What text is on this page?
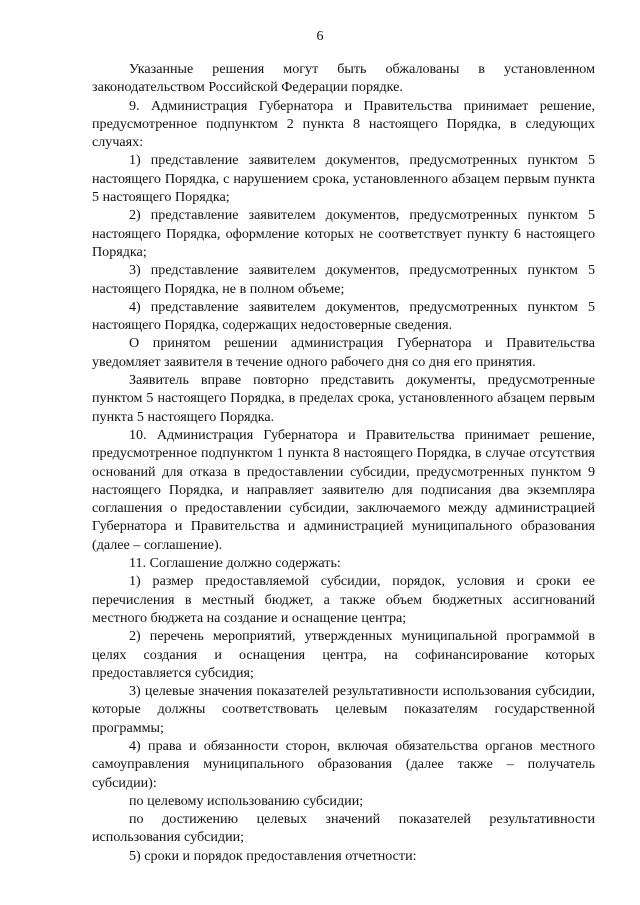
6

Указанные решения могут быть обжалованы в установленном законодательством Российской Федерации порядке.

9. Администрация Губернатора и Правительства принимает решение, предусмотренное подпунктом 2 пункта 8 настоящего Порядка, в следующих случаях:

1) представление заявителем документов, предусмотренных пунктом 5 настоящего Порядка, с нарушением срока, установленного абзацем первым пункта 5 настоящего Порядка;

2) представление заявителем документов, предусмотренных пунктом 5 настоящего Порядка, оформление которых не соответствует пункту 6 настоящего Порядка;

3) представление заявителем документов, предусмотренных пунктом 5 настоящего Порядка, не в полном объеме;

4) представление заявителем документов, предусмотренных пунктом 5 настоящего Порядка, содержащих недостоверные сведения.

О принятом решении администрация Губернатора и Правительства уведомляет заявителя в течение одного рабочего дня со дня его принятия.

Заявитель вправе повторно представить документы, предусмотренные пунктом 5 настоящего Порядка, в пределах срока, установленного абзацем первым пункта 5 настоящего Порядка.

10. Администрация Губернатора и Правительства принимает решение, предусмотренное подпунктом 1 пункта 8 настоящего Порядка, в случае отсутствия оснований для отказа в предоставлении субсидии, предусмотренных пунктом 9 настоящего Порядка, и направляет заявителю для подписания два экземпляра соглашения о предоставлении субсидии, заключаемого между администрацией Губернатора и Правительства и администрацией муниципального образования (далее – соглашение).

11. Соглашение должно содержать:

1) размер предоставляемой субсидии, порядок, условия и сроки ее перечисления в местный бюджет, а также объем бюджетных ассигнований местного бюджета на создание и оснащение центра;

2) перечень мероприятий, утвержденных муниципальной программой в целях создания и оснащения центра, на софинансирование которых предоставляется субсидия;

3) целевые значения показателей результативности использования субсидии, которые должны соответствовать целевым показателям государственной программы;

4) права и обязанности сторон, включая обязательства органов местного самоуправления муниципального образования (далее также – получатель субсидии):

по целевому использованию субсидии;

по достижению целевых значений показателей результативности использования субсидии;

5) сроки и порядок предоставления отчетности:
